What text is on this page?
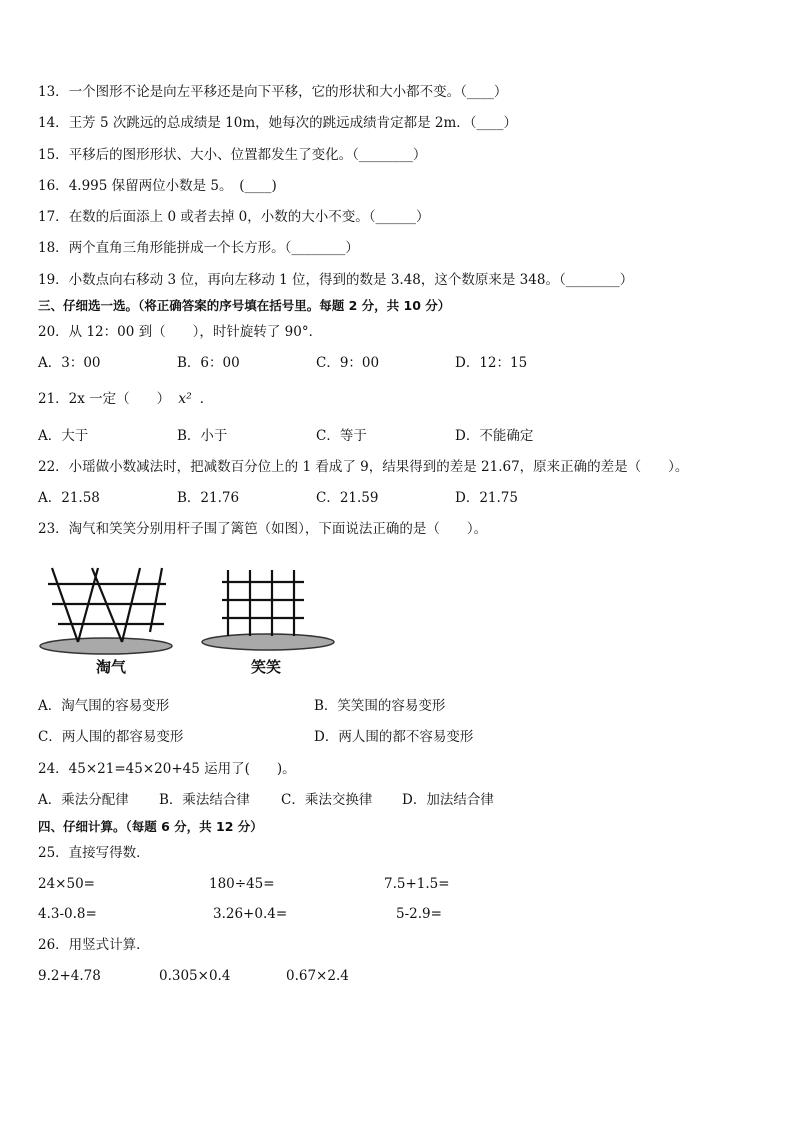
13．一个图形不论是向左平移还是向下平移，它的形状和大小都不变。（____）
14．王芳 5 次跳远的总成绩是 10m，她每次的跳远成绩肯定都是 2m．（____）
15．平移后的图形形状、大小、位置都发生了变化。（________）
16．4.995 保留两位小数是 5。　(____)
17．在数的后面添上 0 或者去掉 0，小数的大小不变。（______）
18．两个直角三角形能拼成一个长方形。（________）
19．小数点向右移动 3 位，再向左移动 1 位，得到的数是 3.48，这个数原来是 348。（________）
三、仔细选一选。（将正确答案的序号填在括号里。每题 2 分，共 10 分）
20．从 12：00 到（　　），时针旋转了 90°．
A．3：00	B．6：00	C．9：00	D．12：15
21．2x 一定（　　） x² ．
A．大于	B．小于	C．等于	D．不能确定
22．小瑶做小数减法时，把减数百分位上的 1 看成了 9，结果得到的差是 21.67，原来正确的差是（　　）。
A．21.58	B．21.76	C．21.59	D．21.75
23．淘气和笑笑分别用杆子围了篱笆（如图），下面说法正确的是（　　）。
淘气	笑笑
A．淘气围的容易变形	B．笑笑围的容易变形
C．两人围的都容易变形	D．两人围的都不容易变形
24．45×21=45×20+45 运用了(　　)。
A．乘法分配律 B．乘法结合律 C．乘法交换律 D．加法结合律
四、仔细计算。（每题 6 分，共 12 分）
25．直接写得数．
24×50=	180÷45=	7.5+1.5=
4.3-0.8=	3.26+0.4=	5-2.9=
26．用竖式计算．
9.2+4.78	0.305×0.4	0.67×2.4
